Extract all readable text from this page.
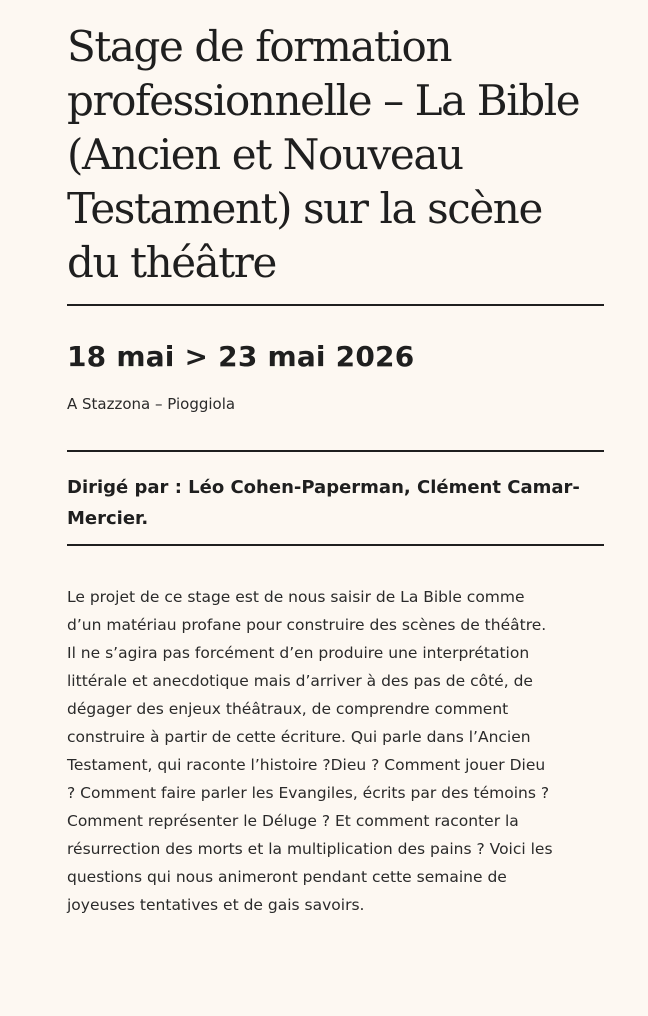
Stage de formation professionnelle – La Bible (Ancien et Nouveau Testament) sur la scène du théâtre
18 mai > 23 mai 2026
A Stazzona – Pioggiola
Dirigé par : Léo Cohen-Paperman, Clément Camar-Mercier.

Le projet de ce stage est de nous saisir de La Bible comme d’un matériau profane pour construire des scènes de théâtre. Il ne s’agira pas forcément d’en produire une interprétation littérale et anecdotique mais d’arriver à des pas de côté, de dégager des enjeux théâtraux, de comprendre comment construire à partir de cette écriture. Qui parle dans l’Ancien Testament, qui raconte l’histoire ?Dieu ? Comment jouer Dieu ? Comment faire parler les Evangiles, écrits par des témoins ? Comment représenter le Déluge ? Et comment raconter la résurrection des morts et la multiplication des pains ? Voici les questions qui nous animeront pendant cette semaine de joyeuses tentatives et de gais savoirs.
